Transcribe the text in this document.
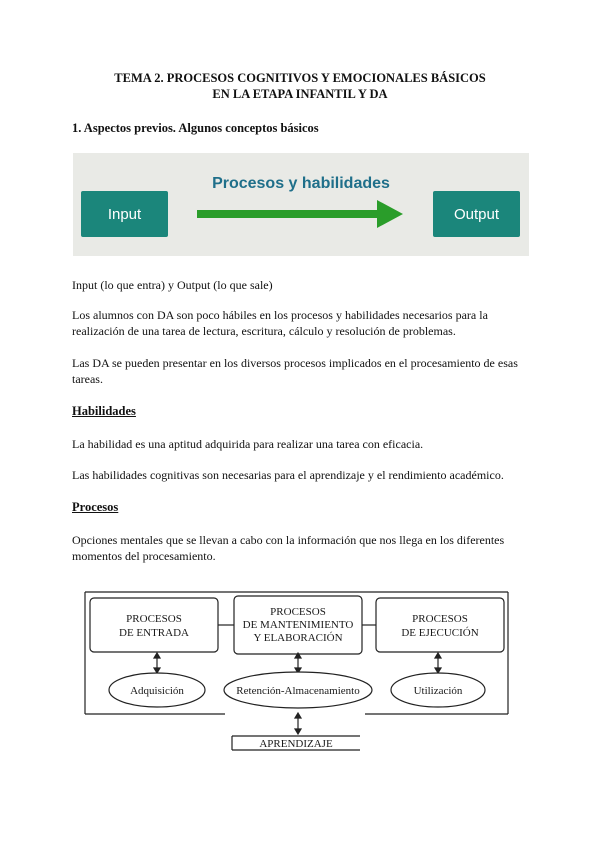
TEMA 2. PROCESOS COGNITIVOS Y EMOCIONALES BÁSICOS
EN LA ETAPA INFANTIL Y DA
1. Aspectos previos. Algunos conceptos básicos
Procesos y habilidades
Input	Output
Input (lo que entra) y Output (lo que sale)
Los alumnos con DA son poco hábiles en los procesos y habilidades necesarios para la
realización de una tarea de lectura, escritura, cálculo y resolución de problemas.
Las DA se pueden presentar en los diversos procesos implicados en el procesamiento de esas
tareas.
Habilidades
La habilidad es una aptitud adquirida para realizar una tarea con eficacia.
Las habilidades cognitivas son necesarias para el aprendizaje y el rendimiento académico.
Procesos
Opciones mentales que se llevan a cabo con la información que nos llega en los diferentes
momentos del procesamiento.
PROCESOS
DE ENTRADA
PROCESOS
DE MANTENIMIENTO
Y ELABORACIÓN
PROCESOS
DE EJECUCIÓN
Adquisición	Retención-Almacenamiento	Utilización
APRENDIZAJE
